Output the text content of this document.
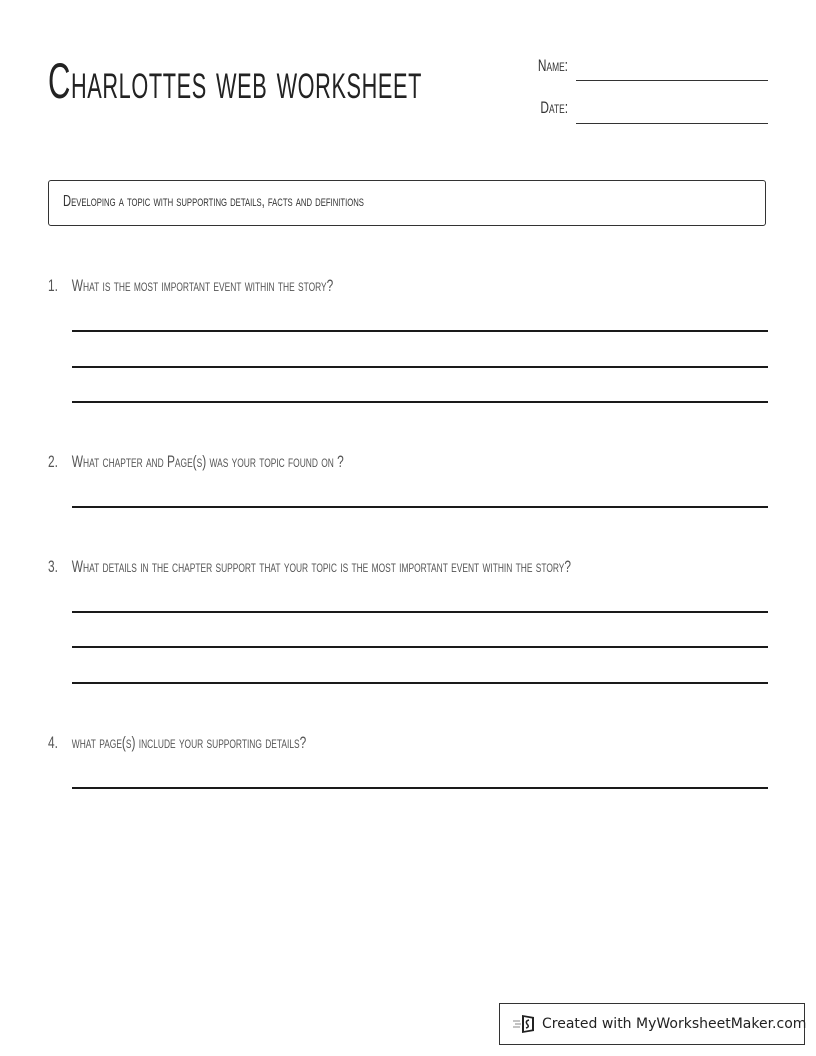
Charlottes web worksheet	Name:
Date:
Developing a topic with supporting details, facts and definitions
1. What is the most important event within the story?
2. What chapter and Page(s) was your topic found on ?
3. What details in the chapter support that your topic is the most important event within the story?
4. what page(s) include your supporting details?
Created with MyWorksheetMaker.com
